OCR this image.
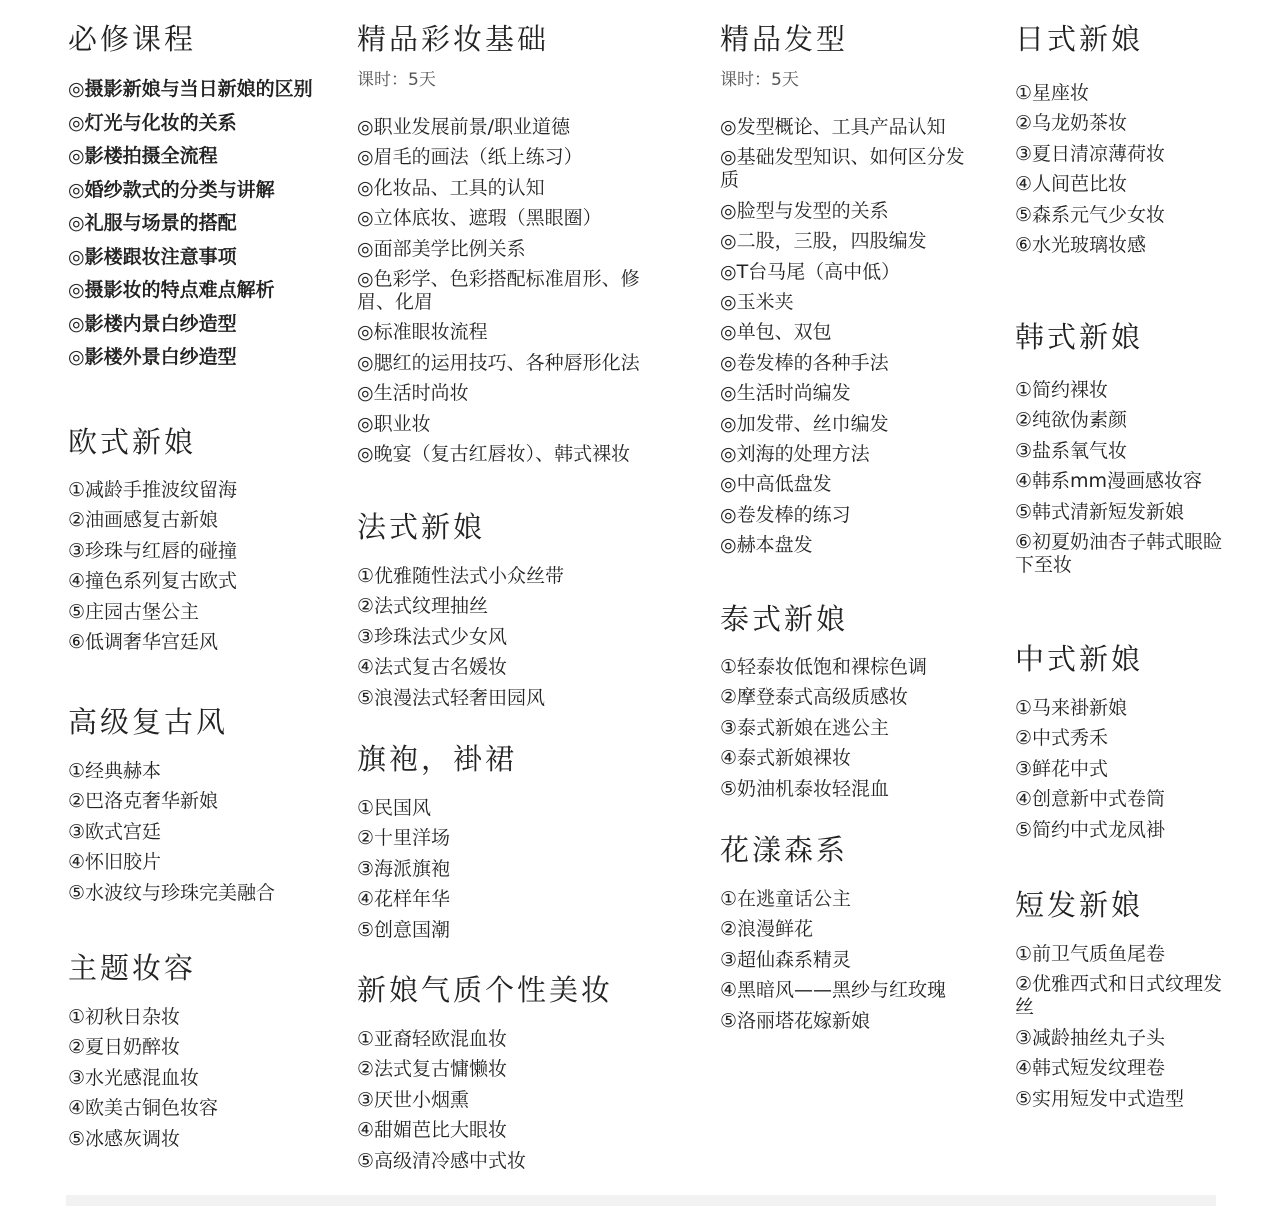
必修课程
◎摄影新娘与当日新娘的区别
◎灯光与化妆的关系
◎影楼拍摄全流程
◎婚纱款式的分类与讲解
◎礼服与场景的搭配
◎影楼跟妆注意事项
◎摄影妆的特点难点解析
◎影楼内景白纱造型
◎影楼外景白纱造型
欧式新娘
①减龄手推波纹留海
②油画感复古新娘
③珍珠与红唇的碰撞
④撞色系列复古欧式
⑤庄园古堡公主
⑥低调奢华宫廷风
高级复古风
①经典赫本
②巴洛克奢华新娘
③欧式宫廷
④怀旧胶片
⑤水波纹与珍珠完美融合
主题妆容
①初秋日杂妆
②夏日奶醉妆
③水光感混血妆
④欧美古铜色妆容
⑤冰感灰调妆
精品彩妆基础
课时：5天
◎职业发展前景/职业道德
◎眉毛的画法（纸上练习）
◎化妆品、工具的认知
◎立体底妆、遮瑕（黑眼圈）
◎面部美学比例关系
◎色彩学、色彩搭配标准眉形、修眉、化眉
◎标准眼妆流程
◎腮红的运用技巧、各种唇形化法
◎生活时尚妆
◎职业妆
◎晚宴（复古红唇妆）、韩式裸妆
法式新娘
①优雅随性法式小众丝带
②法式纹理抽丝
③珍珠法式少女风
④法式复古名媛妆
⑤浪漫法式轻奢田园风
旗袍，褂裙
①民国风
②十里洋场
③海派旗袍
④花样年华
⑤创意国潮
新娘气质个性美妆
①亚裔轻欧混血妆
②法式复古慵懒妆
③厌世小烟熏
④甜媚芭比大眼妆
⑤高级清冷感中式妆
精品发型
课时：5天
◎发型概论、工具产品认知
◎基础发型知识、如何区分发质
◎脸型与发型的关系
◎二股，三股，四股编发
◎T台马尾（高中低）
◎玉米夹
◎单包、双包
◎卷发棒的各种手法
◎生活时尚编发
◎加发带、丝巾编发
◎刘海的处理方法
◎中高低盘发
◎卷发棒的练习
◎赫本盘发
泰式新娘
①轻泰妆低饱和裸棕色调
②摩登泰式高级质感妆
③泰式新娘在逃公主
④泰式新娘裸妆
⑤奶油机泰妆轻混血
花漾森系
①在逃童话公主
②浪漫鲜花
③超仙森系精灵
④黑暗风——黑纱与红玫瑰
⑤洛丽塔花嫁新娘
日式新娘
①星座妆
②乌龙奶茶妆
③夏日清凉薄荷妆
④人间芭比妆
⑤森系元气少女妆
⑥水光玻璃妆感
韩式新娘
①简约裸妆
②纯欲伪素颜
③盐系氧气妆
④韩系mm漫画感妆容
⑤韩式清新短发新娘
⑥初夏奶油杏子韩式眼睑下至妆
中式新娘
①马来褂新娘
②中式秀禾
③鲜花中式
④创意新中式卷筒
⑤简约中式龙凤褂
短发新娘
①前卫气质鱼尾卷
②优雅西式和日式纹理发丝
③减龄抽丝丸子头
④韩式短发纹理卷
⑤实用短发中式造型
